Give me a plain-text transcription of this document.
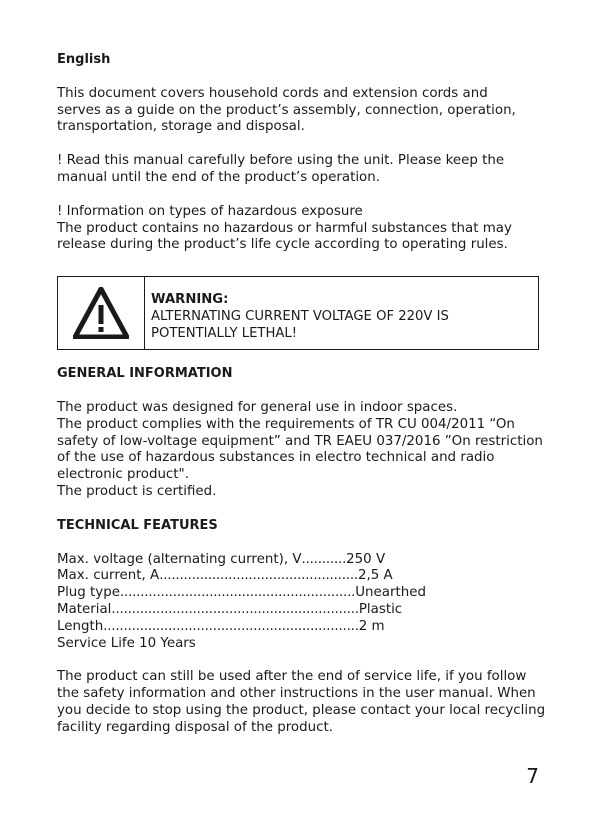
English

This document covers household cords and extension cords and
serves as a guide on the product’s assembly, connection, operation,
transportation, storage and disposal.

! Read this manual carefully before using the unit. Please keep the
manual until the end of the product’s operation.

! Information on types of hazardous exposure
The product contains no hazardous or harmful substances that may
release during the product’s life cycle according to operating rules.

GENERAL INFORMATION

The product was designed for general use in indoor spaces.
The product complies with the requirements of TR CU 004/2011 “On
safety of low-voltage equipment” and TR EAEU 037/2016 ”On restriction
of the use of hazardous substances in electro technical and radio
electronic product".
The product is certified.

TECHNICAL FEATURES

Max. voltage (alternating current), V ........... 250 V
Max. current, A ................................................. 2,5 A
Plug type .......................................................... Unearthed
Material ............................................................. Plastic
Length ............................................................... 2 m
Service Life 10 Years

The product can still be used after the end of service life, if you follow
the safety information and other instructions in the user manual. When
you decide to stop using the product, please contact your local recycling
facility regarding disposal of the product.

WARNING:
ALTERNATING CURRENT VOLTAGE OF 220V IS
POTENTIALLY LETHAL!
7
